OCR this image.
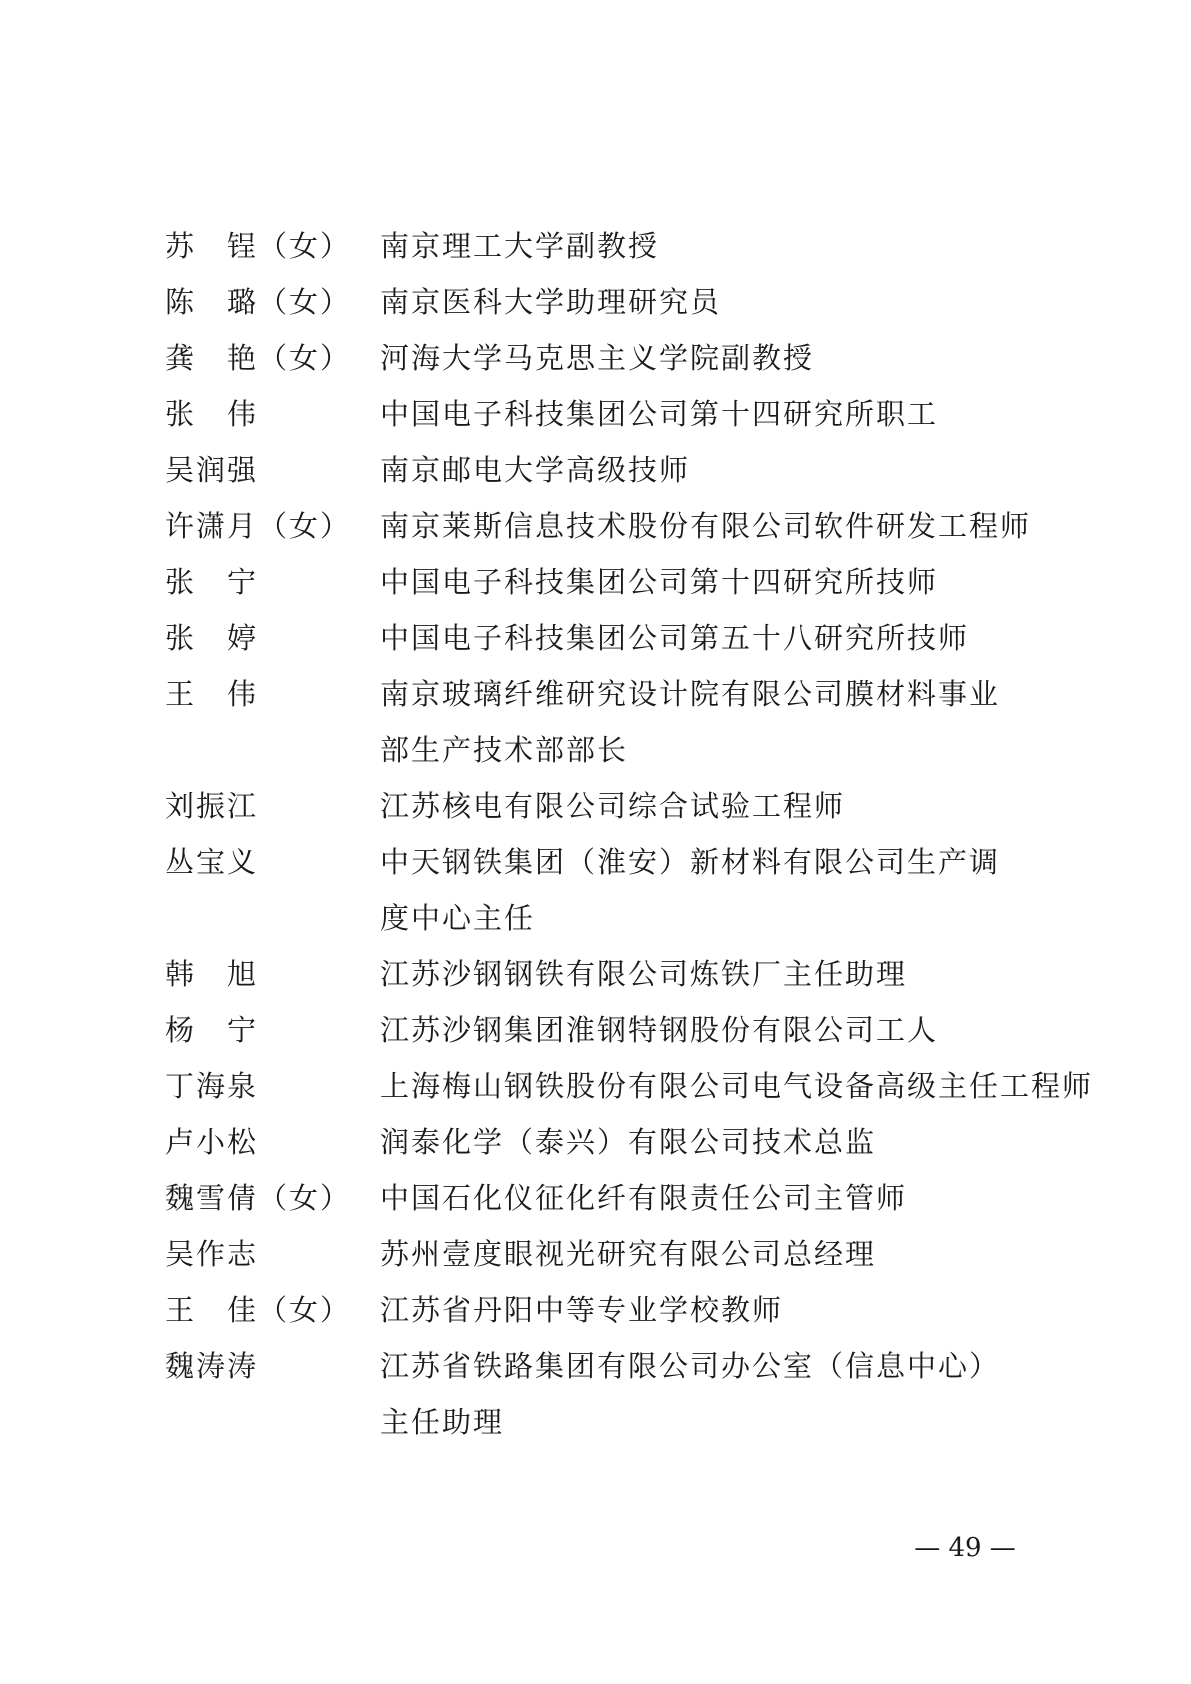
苏　锃（女） 南京理工大学副教授
陈　璐（女） 南京医科大学助理研究员
龚　艳（女） 河海大学马克思主义学院副教授
张　伟	中国电子科技集团公司第十四研究所职工
吴润强	南京邮电大学高级技师
许潇月（女） 南京莱斯信息技术股份有限公司软件研发工程师
张　宁	中国电子科技集团公司第十四研究所技师
张　婷	中国电子科技集团公司第五十八研究所技师
王　伟	南京玻璃纤维研究设计院有限公司膜材料事业
部生产技术部部长
刘振江	江苏核电有限公司综合试验工程师
丛宝义	中天钢铁集团（淮安）新材料有限公司生产调
度中心主任
韩　旭	江苏沙钢钢铁有限公司炼铁厂主任助理
杨　宁	江苏沙钢集团淮钢特钢股份有限公司工人
丁海泉	上海梅山钢铁股份有限公司电气设备高级主任工程师
卢小松	润泰化学（泰兴）有限公司技术总监
魏雪倩（女） 中国石化仪征化纤有限责任公司主管师
吴作志	苏州壹度眼视光研究有限公司总经理
王　佳（女） 江苏省丹阳中等专业学校教师
魏涛涛	江苏省铁路集团有限公司办公室（信息中心）
主任助理
— 49 —
